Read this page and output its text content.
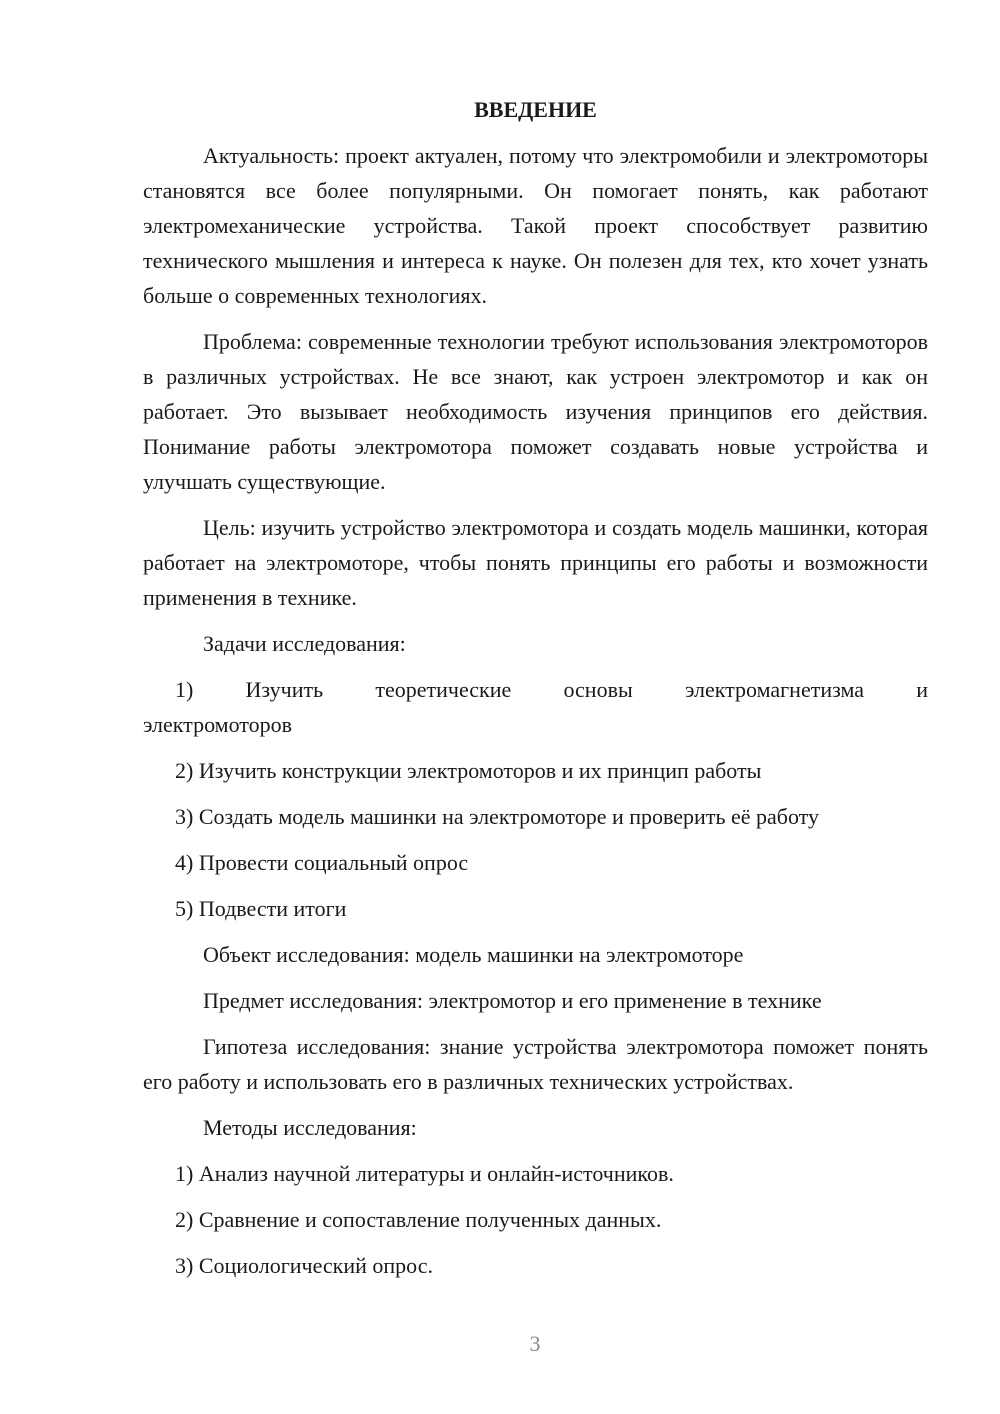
ВВЕДЕНИЕ
Актуальность: проект актуален, потому что электромобили и электромоторы становятся все более популярными. Он помогает понять, как работают электромеханические устройства. Такой проект способствует развитию технического мышления и интереса к науке. Он полезен для тех, кто хочет узнать больше о современных технологиях.
Проблема: современные технологии требуют использования электромоторов в различных устройствах. Не все знают, как устроен электромотор и как он работает. Это вызывает необходимость изучения принципов его действия. Понимание работы электромотора поможет создавать новые устройства и улучшать существующие.
Цель: изучить устройство электромотора и создать модель машинки, которая работает на электромоторе, чтобы понять принципы его работы и возможности применения в технике.
Задачи исследования:
1) Изучить теоретические основы электромагнетизма и электромоторов
2) Изучить конструкции электромоторов и их принцип работы
3) Создать модель машинки на электромоторе и проверить её работу
4) Провести социальный опрос
5) Подвести итоги
Объект исследования: модель машинки на электромоторе
Предмет исследования: электромотор и его применение в технике
Гипотеза исследования: знание устройства электромотора поможет понять его работу и использовать его в различных технических устройствах.
Методы исследования:
1) Анализ научной литературы и онлайн-источников.
2) Сравнение и сопоставление полученных данных.
3) Социологический опрос.
3
